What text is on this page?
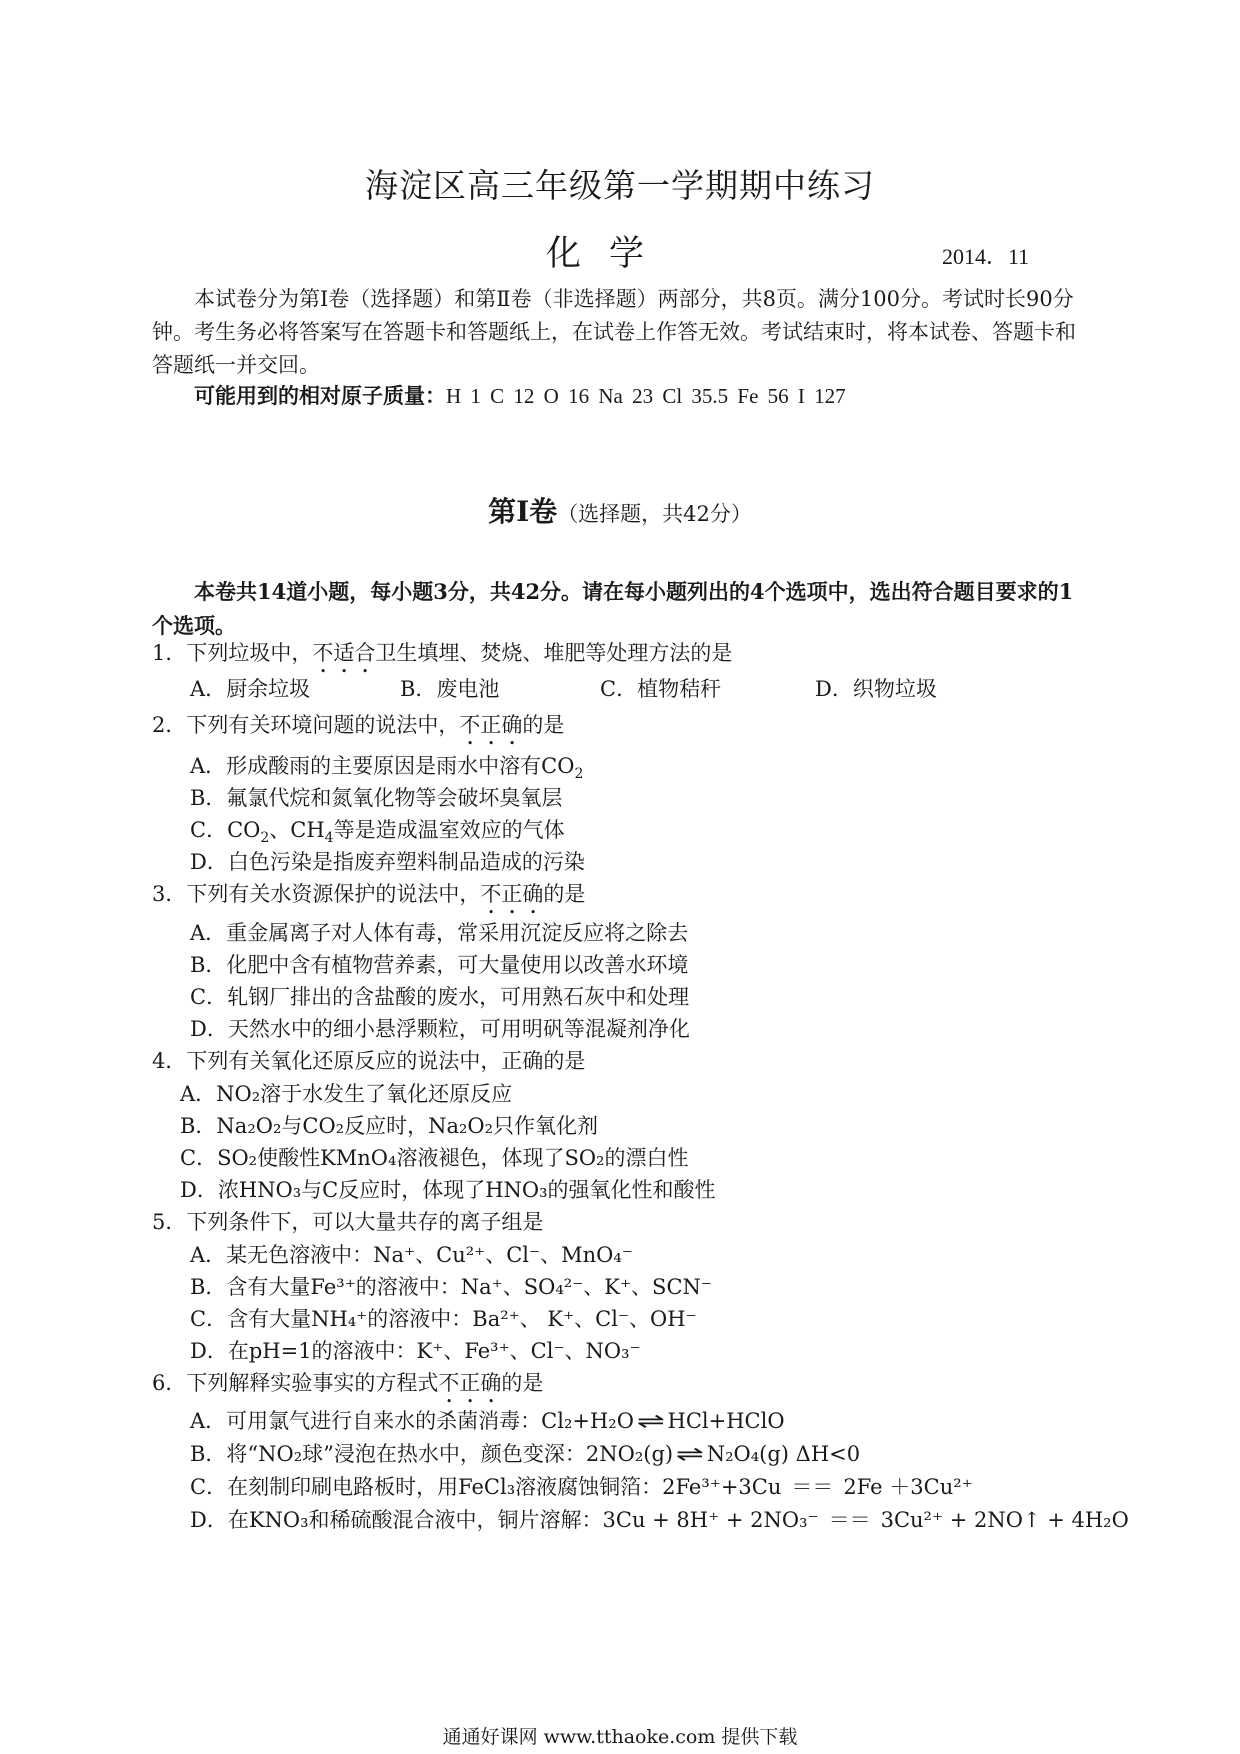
海淀区高三年级第一学期期中练习
化学	2014．11

本试卷分为第Ⅰ卷（选择题）和第Ⅱ卷（非选择题）两部分，共8页。满分100分。考试时长90分钟。考生务必将答案写在答题卡和答题纸上，在试卷上作答无效。考试结束时，将本试卷、答题卡和答题纸一并交回。

可能用到的相对原子质量：H 1 C 12 O 16 Na 23 Cl 35.5 Fe 56 I 127
第Ⅰ卷（选择题，共42分）

本卷共14道小题，每小题3分，共42分。请在每小题列出的4个选项中，选出符合题目要求的1个选项。

1．下列垃圾中，不适合卫生填埋、焚烧、堆肥等处理方法的是
A．厨余垃圾	B．废电池	C．植物秸秆	D．织物垃圾
2．下列有关环境问题的说法中，不正确的是
A．形成酸雨的主要原因是雨水中溶有$CO_2$
B．氟氯代烷和氮氧化物等会破坏臭氧层
C．$CO_2$、$CH_4$等是造成温室效应的气体
D．白色污染是指废弃塑料制品造成的污染
3．下列有关水资源保护的说法中，不正确的是
A．重金属离子对人体有毒，常采用沉淀反应将之除去
B．化肥中含有植物营养素，可大量使用以改善水环境
C．轧钢厂排出的含盐酸的废水，可用熟石灰中和处理
D．天然水中的细小悬浮颗粒，可用明矾等混凝剂净化
4．下列有关氧化还原反应的说法中，正确的是
A．NO₂溶于水发生了氧化还原反应
B．Na₂O₂与CO₂反应时，Na₂O₂只作氧化剂
C．SO₂使酸性KMnO₄溶液褪色，体现了SO₂的漂白性
D．浓HNO₃与C反应时，体现了HNO₃的强氧化性和酸性
5．下列条件下，可以大量共存的离子组是
A．某无色溶液中：Na⁺、Cu²⁺、Cl⁻、MnO₄⁻
B．含有大量Fe³⁺的溶液中：Na⁺、SO₄²⁻、K⁺、SCN⁻
C．含有大量NH₄⁺的溶液中：Ba²⁺、 K⁺、Cl⁻、OH⁻
D．在pH=1的溶液中：K⁺、Fe³⁺、Cl⁻、NO₃⁻
6．下列解释实验事实的方程式不正确的是
A．可用氯气进行自来水的杀菌消毒：Cl₂+H₂O ⇌ HCl+HClO
B．将“NO₂球”浸泡在热水中，颜色变深：2NO₂(g) ⇌ N₂O₄(g) ΔH<0
C．在刻制印刷电路板时，用FeCl₃溶液腐蚀铜箔：2Fe³⁺+3Cu ＝＝ 2Fe ＋3Cu²⁺
D．在KNO₃和稀硫酸混合液中，铜片溶解：3Cu + 8H⁺ + 2NO₃⁻ ＝＝ 3Cu²⁺ + 2NO↑ + 4H₂O
通通好课网 www.tthaoke.com 提供下载
